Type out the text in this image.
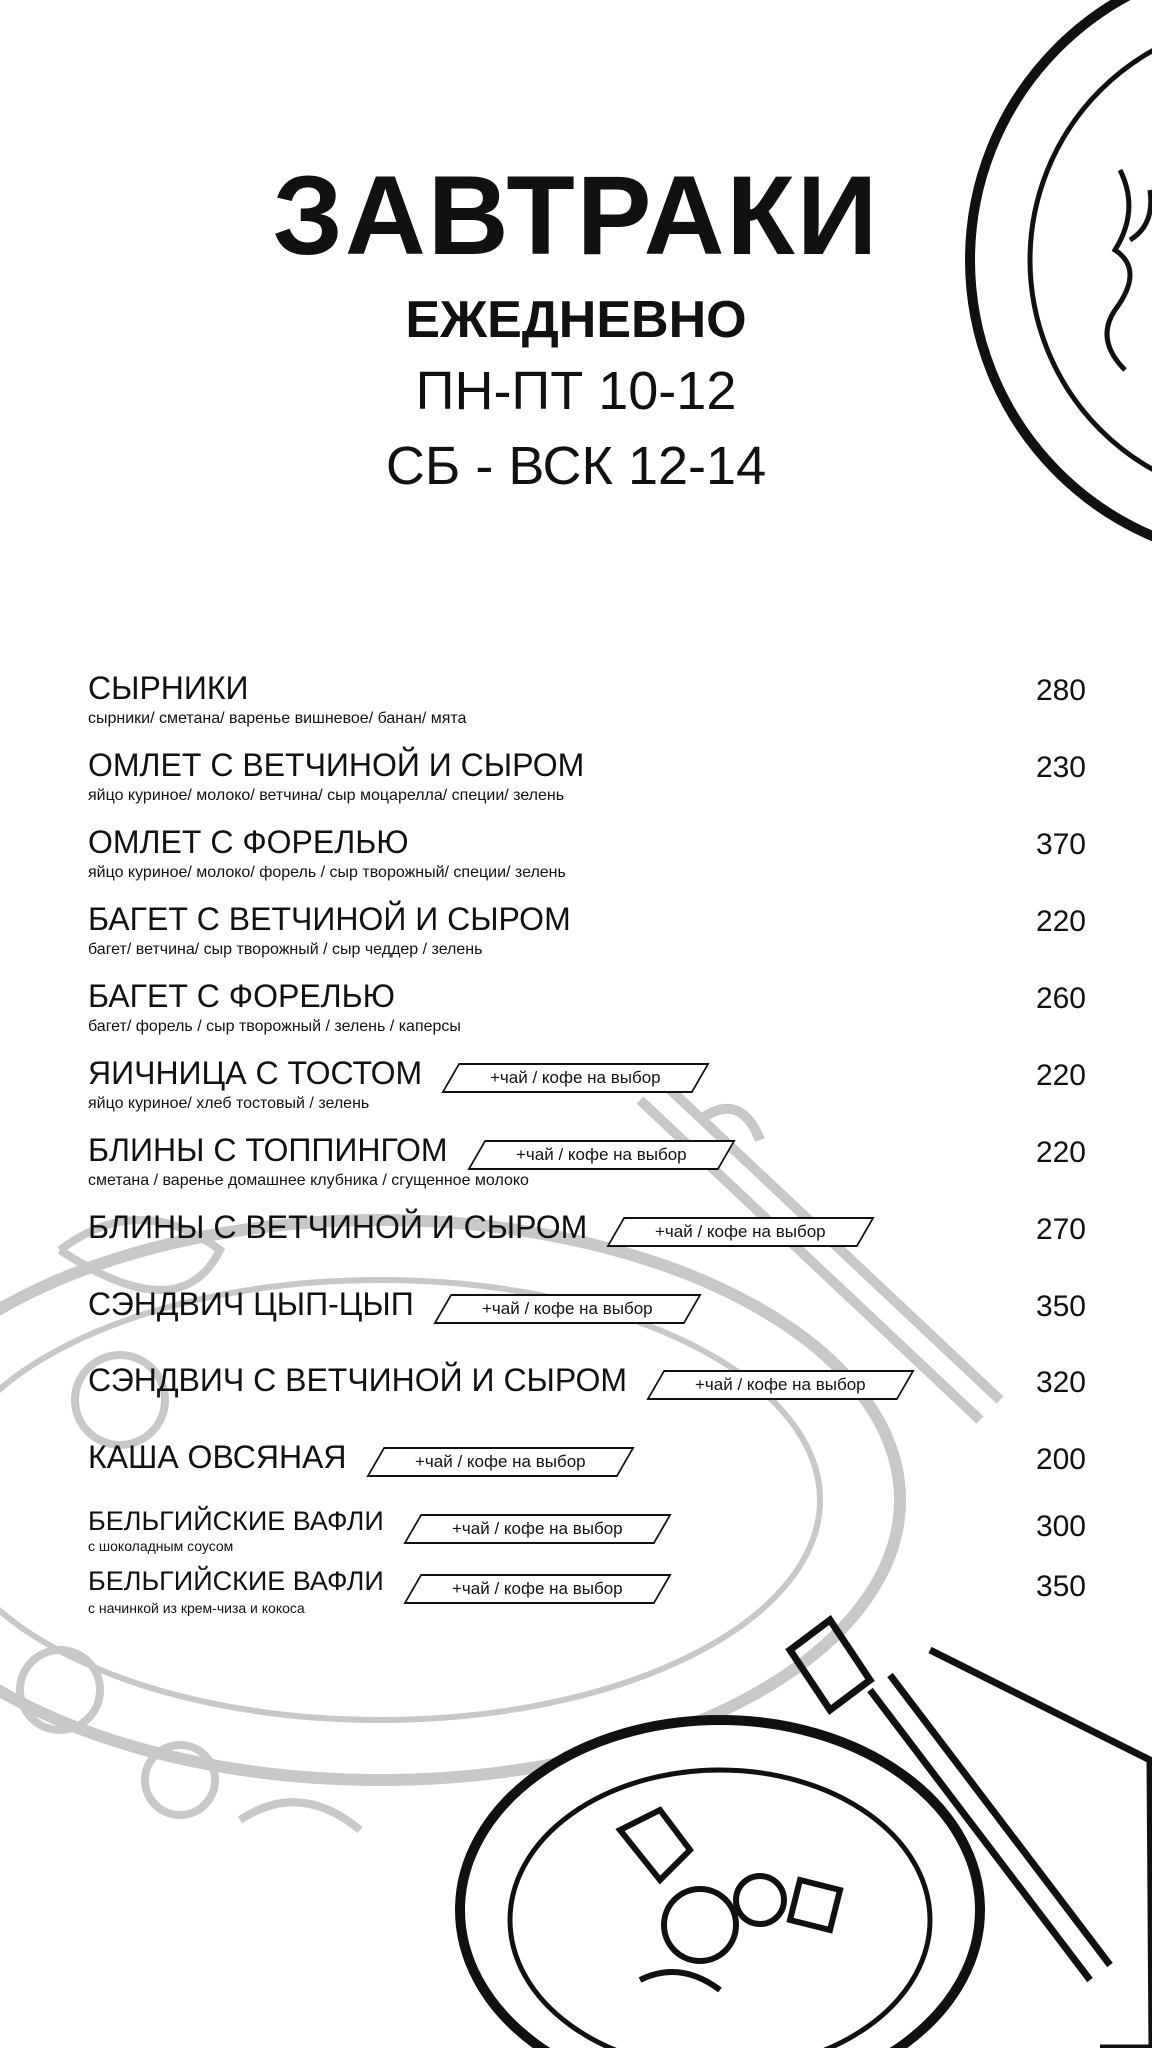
ЗАВТРАКИ
ЕЖЕДНЕВНО
ПН-ПТ 10-12
СБ - ВСК 12-14
СЫРНИКИ
сырники/ сметана/ варенье вишневое/ банан/ мята
280
ОМЛЕТ С ВЕТЧИНОЙ И СЫРОМ
яйцо куриное/ молоко/ ветчина/ сыр моцарелла/ специи/ зелень
230
ОМЛЕТ С ФОРЕЛЬЮ
яйцо куриное/ молоко/ форель / сыр творожный/ специи/ зелень
370
БАГЕТ С ВЕТЧИНОЙ И СЫРОМ
багет/ ветчина/ сыр творожный / сыр чеддер / зелень
220
БАГЕТ С ФОРЕЛЬЮ
багет/ форель / сыр творожный / зелень / каперсы
260
ЯИЧНИЦА С ТОСТОМ	+чай / кофе на выбор
яйцо куриное/ хлеб тостовый / зелень
220
БЛИНЫ С ТОППИНГОМ	+чай / кофе на выбор
сметана / варенье домашнее клубника / сгущенное молоко
220
БЛИНЫ С ВЕТЧИНОЙ И СЫРОМ	+чай / кофе на выбор	270
СЭНДВИЧ ЦЫП-ЦЫП	+чай / кофе на выбор	350
СЭНДВИЧ С ВЕТЧИНОЙ И СЫРОМ	+чай / кофе на выбор	320
КАША ОВСЯНАЯ	+чай / кофе на выбор	200
БЕЛЬГИЙСКИЕ ВАФЛИ	+чай / кофе на выбор
с шоколадным соусом
300
БЕЛЬГИЙСКИЕ ВАФЛИ	+чай / кофе на выбор
с начинкой из крем-чиза и кокоса
350
